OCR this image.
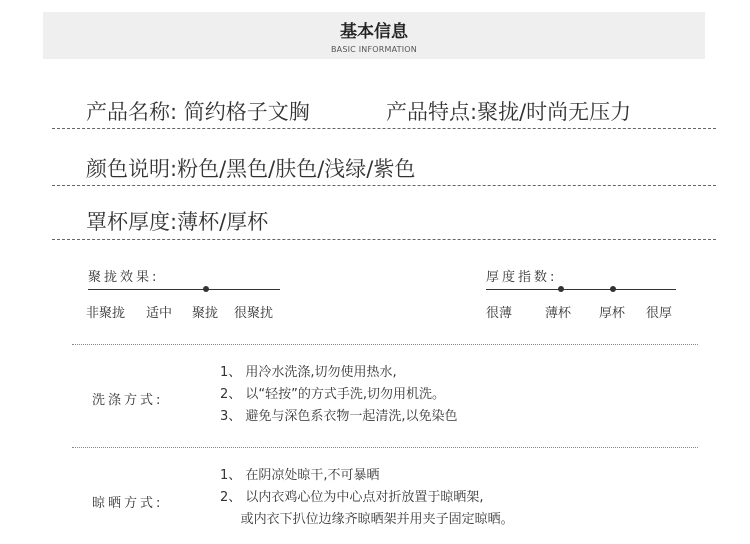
基本信息
BASIC INFORMATION
产品名称: 简约格子文胸	产品特点:聚拢/时尚无压力
颜色说明:粉色/黑色/肤色/浅绿/紫色
罩杯厚度:薄杯/厚杯
聚拢效果:
非聚拢 适中 聚拢 很聚扰
厚度指数:
很薄	薄杯 厚杯 很厚
洗涤方式:
1、 用冷水洗涤,切勿使用热水,
2、 以“轻按”的方式手洗,切勿用机洗。
3、 避免与深色系衣物一起清洗,以免染色
晾晒方式:
1、 在阴凉处晾干,不可暴晒
2、 以内衣鸡心位为中心点对折放置于晾晒架,
或内衣下扒位边缘齐晾晒架并用夹子固定晾晒。
